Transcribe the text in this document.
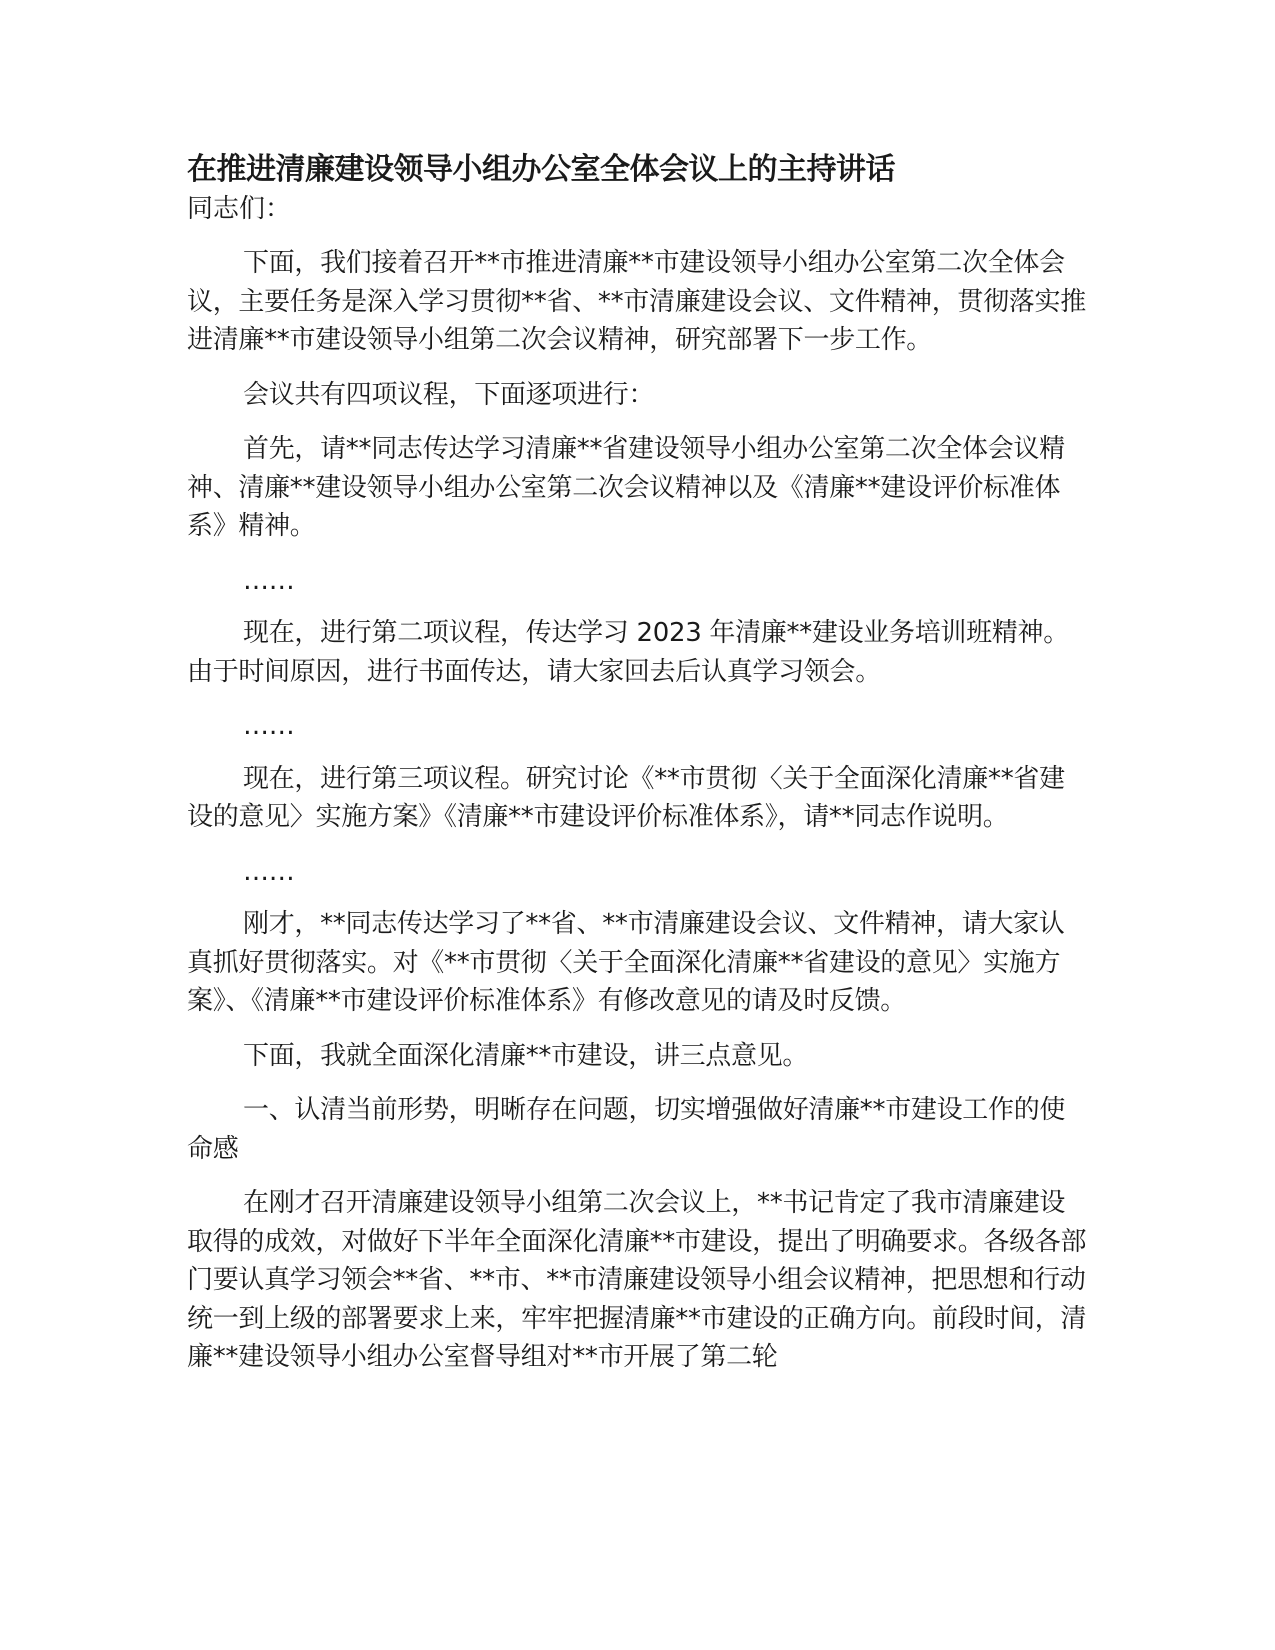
在推进清廉建设领导小组办公室全体会议上的主持讲话

同志们：

下面，我们接着召开**市推进清廉**市建设领导小组办公室第二次全体会议，主要任务是深入学习贯彻**省、**市清廉建设会议、文件精神，贯彻落实推进清廉**市建设领导小组第二次会议精神，研究部署下一步工作。

会议共有四项议程，下面逐项进行：

首先，请**同志传达学习清廉**省建设领导小组办公室第二次全体会议精神、清廉**建设领导小组办公室第二次会议精神以及《清廉**建设评价标准体系》精神。

……

现在，进行第二项议程，传达学习 2023 年清廉**建设业务培训班精神。由于时间原因，进行书面传达，请大家回去后认真学习领会。

……

现在，进行第三项议程。研究讨论《**市贯彻〈关于全面深化清廉**省建设的意见〉实施方案》《清廉**市建设评价标准体系》，请**同志作说明。

……

刚才，**同志传达学习了**省、**市清廉建设会议、文件精神，请大家认真抓好贯彻落实。对《**市贯彻〈关于全面深化清廉**省建设的意见〉实施方案》、《清廉**市建设评价标准体系》有修改意见的请及时反馈。

下面，我就全面深化清廉**市建设，讲三点意见。

一、认清当前形势，明晰存在问题，切实增强做好清廉**市建设工作的使命感

在刚才召开清廉建设领导小组第二次会议上，**书记肯定了我市清廉建设取得的成效，对做好下半年全面深化清廉**市建设，提出了明确要求。各级各部门要认真学习领会**省、**市、**市清廉建设领导小组会议精神，把思想和行动统一到上级的部署要求上来，牢牢把握清廉**市建设的正确方向。前段时间，清廉**建设领导小组办公室督导组对**市开展了第二轮
